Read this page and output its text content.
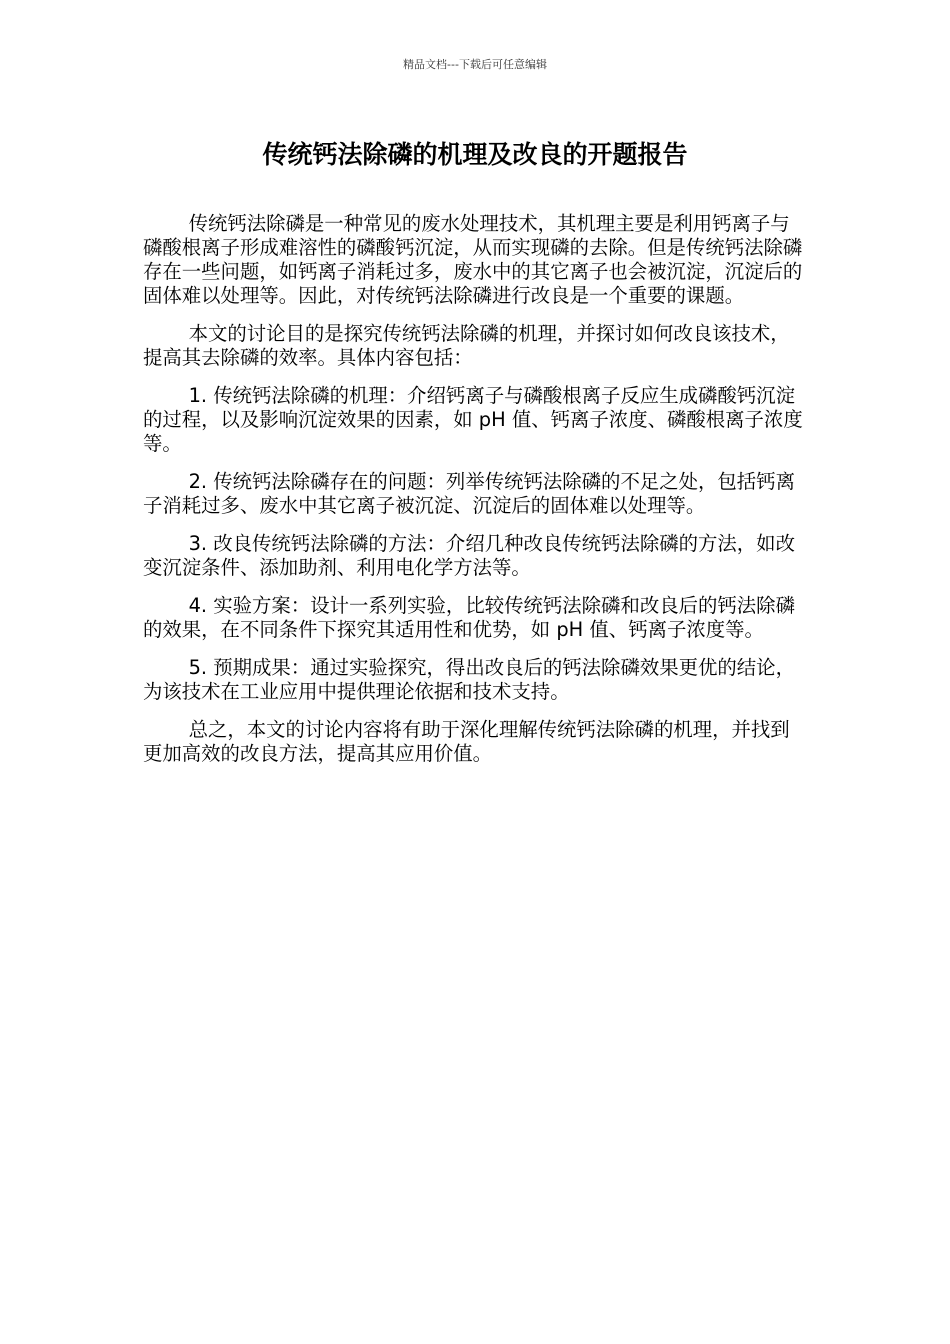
精品文档---下载后可任意编辑
传统钙法除磷的机理及改良的开题报告

传统钙法除磷是一种常见的废水处理技术，其机理主要是利用钙离子与磷酸根离子形成难溶性的磷酸钙沉淀，从而实现磷的去除。但是传统钙法除磷存在一些问题，如钙离子消耗过多，废水中的其它离子也会被沉淀，沉淀后的固体难以处理等。因此，对传统钙法除磷进行改良是一个重要的课题。

本文的讨论目的是探究传统钙法除磷的机理，并探讨如何改良该技术，提高其去除磷的效率。具体内容包括：

1. 传统钙法除磷的机理：介绍钙离子与磷酸根离子反应生成磷酸钙沉淀的过程，以及影响沉淀效果的因素，如 pH 值、钙离子浓度、磷酸根离子浓度等。

2. 传统钙法除磷存在的问题：列举传统钙法除磷的不足之处，包括钙离子消耗过多、废水中其它离子被沉淀、沉淀后的固体难以处理等。

3. 改良传统钙法除磷的方法：介绍几种改良传统钙法除磷的方法，如改变沉淀条件、添加助剂、利用电化学方法等。

4. 实验方案：设计一系列实验，比较传统钙法除磷和改良后的钙法除磷的效果，在不同条件下探究其适用性和优势，如 pH 值、钙离子浓度等。

5. 预期成果：通过实验探究，得出改良后的钙法除磷效果更优的结论，为该技术在工业应用中提供理论依据和技术支持。

总之，本文的讨论内容将有助于深化理解传统钙法除磷的机理，并找到更加高效的改良方法，提高其应用价值。
